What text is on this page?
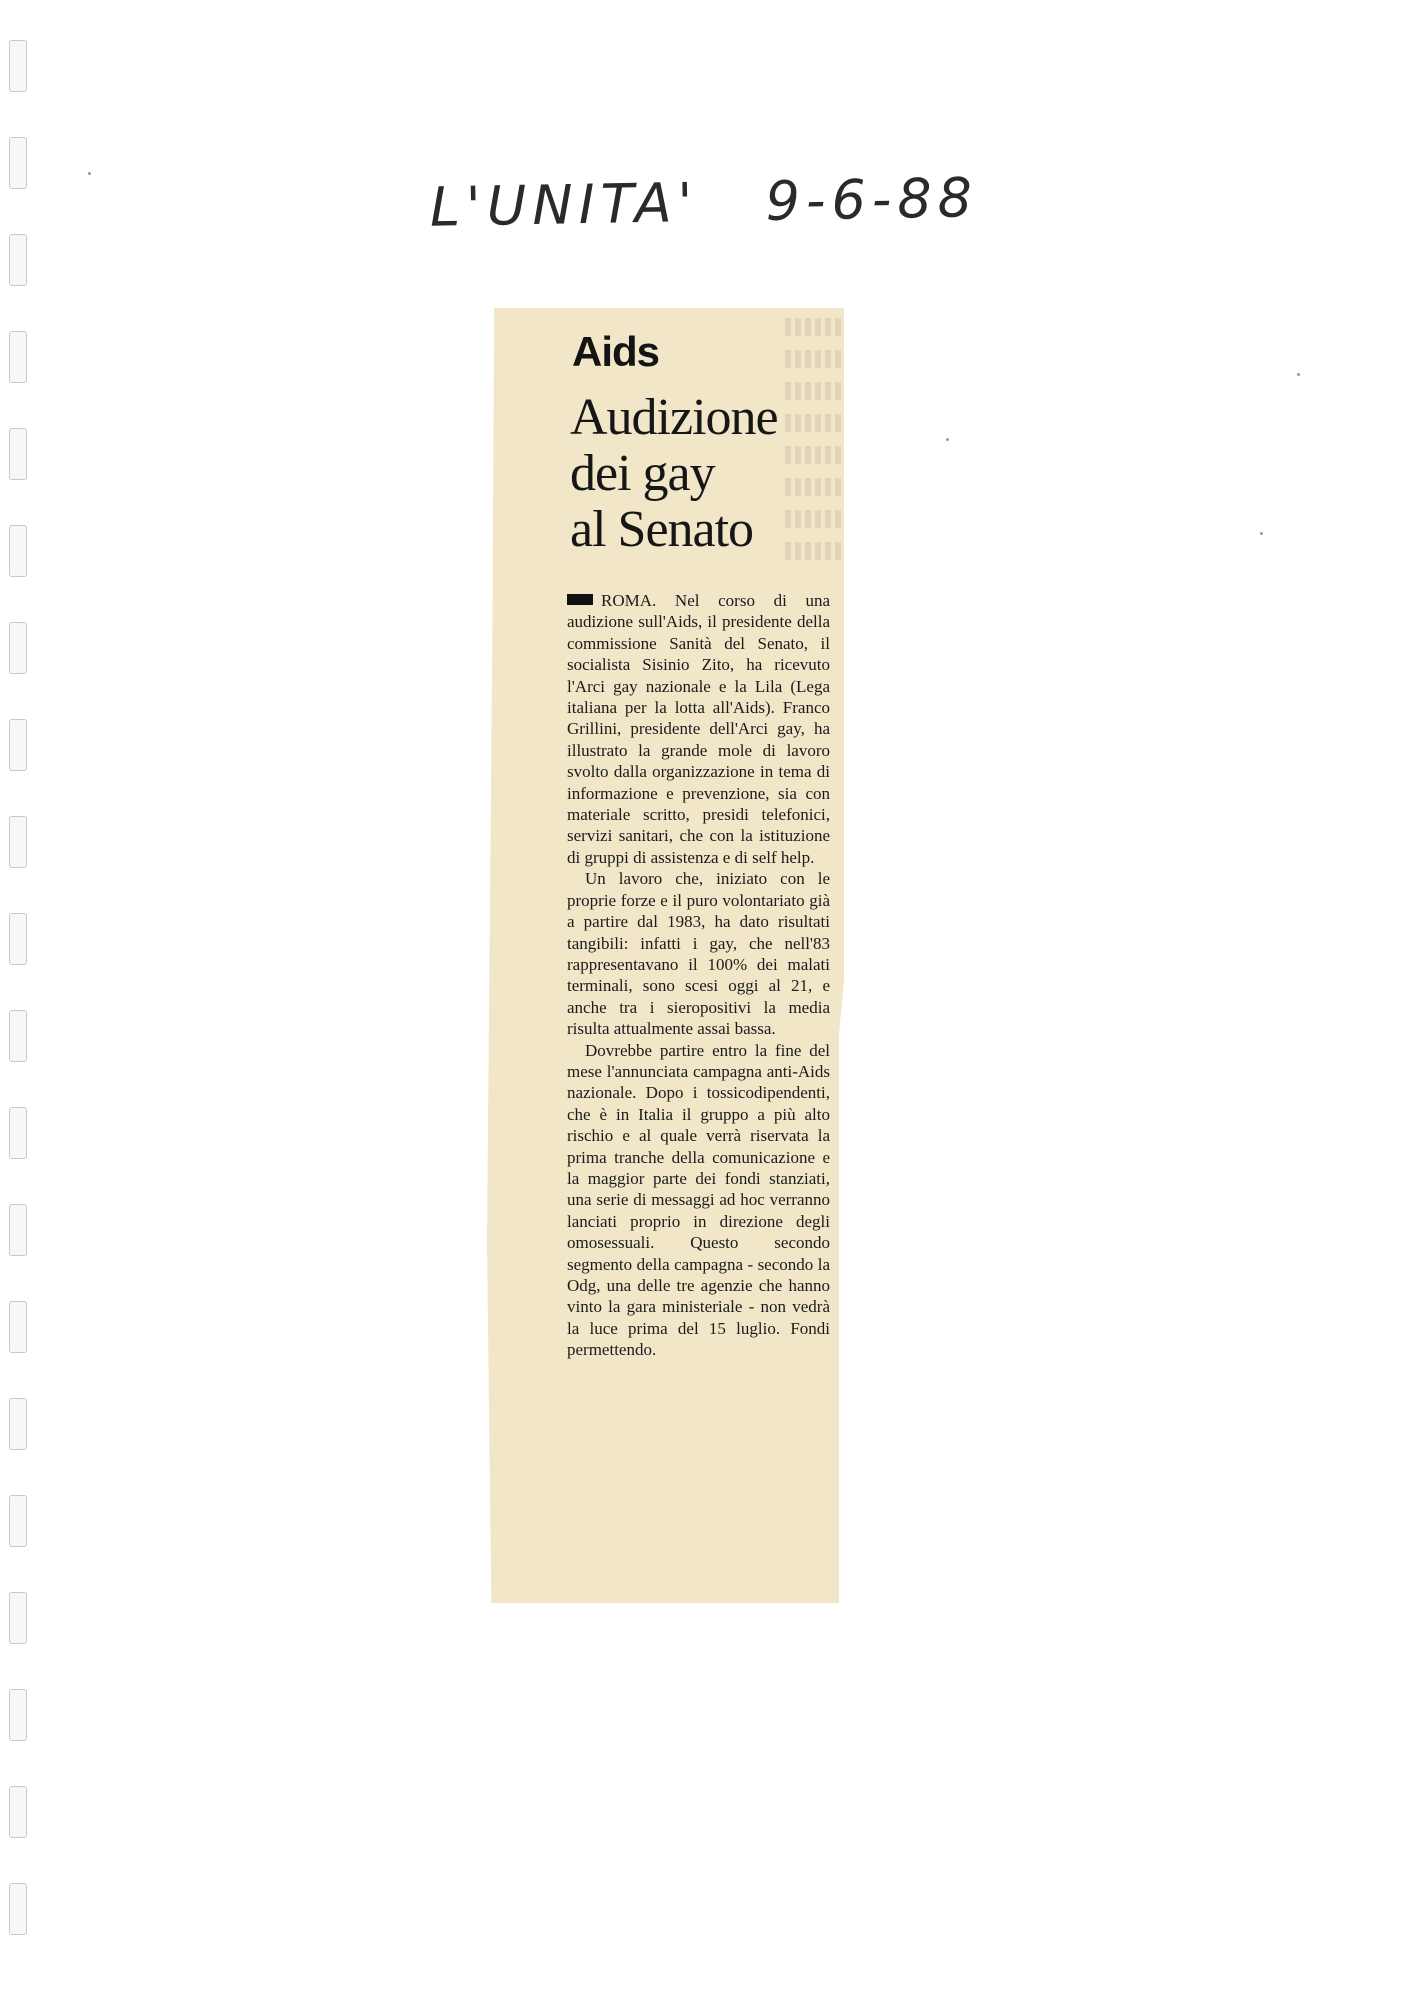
L'UNITA' 9-6-88
Aids
Audizione
dei gay
al Senato

ROMA. Nel corso di una audizione sull'Aids, il presidente della commissione Sanità del Senato, il socialista Sisinio Zito, ha ricevuto l'Arci gay nazionale e la Lila (Lega italiana per la lotta all'Aids). Franco Grillini, presidente dell'Arci gay, ha illustrato la grande mole di lavoro svolto dalla organizzazione in tema di informazione e prevenzione, sia con materiale scritto, presidi telefonici, servizi sanitari, che con la istituzione di gruppi di assistenza e di self help.

Un lavoro che, iniziato con le proprie forze e il puro volontariato già a partire dal 1983, ha dato risultati tangibili: infatti i gay, che nell'83 rappresentavano il 100% dei malati terminali, sono scesi oggi al 21, e anche tra i sieropositivi la media risulta attualmente assai bassa.

Dovrebbe partire entro la fine del mese l'annunciata campagna anti-Aids nazionale. Dopo i tossicodipendenti, che è in Italia il gruppo a più alto rischio e al quale verrà riservata la prima tranche della comunicazione e la maggior parte dei fondi stanziati, una serie di messaggi ad hoc verranno lanciati proprio in direzione degli omosessuali. Questo secondo segmento della campagna - secondo la Odg, una delle tre agenzie che hanno vinto la gara ministeriale - non vedrà la luce prima del 15 luglio. Fondi permettendo.
